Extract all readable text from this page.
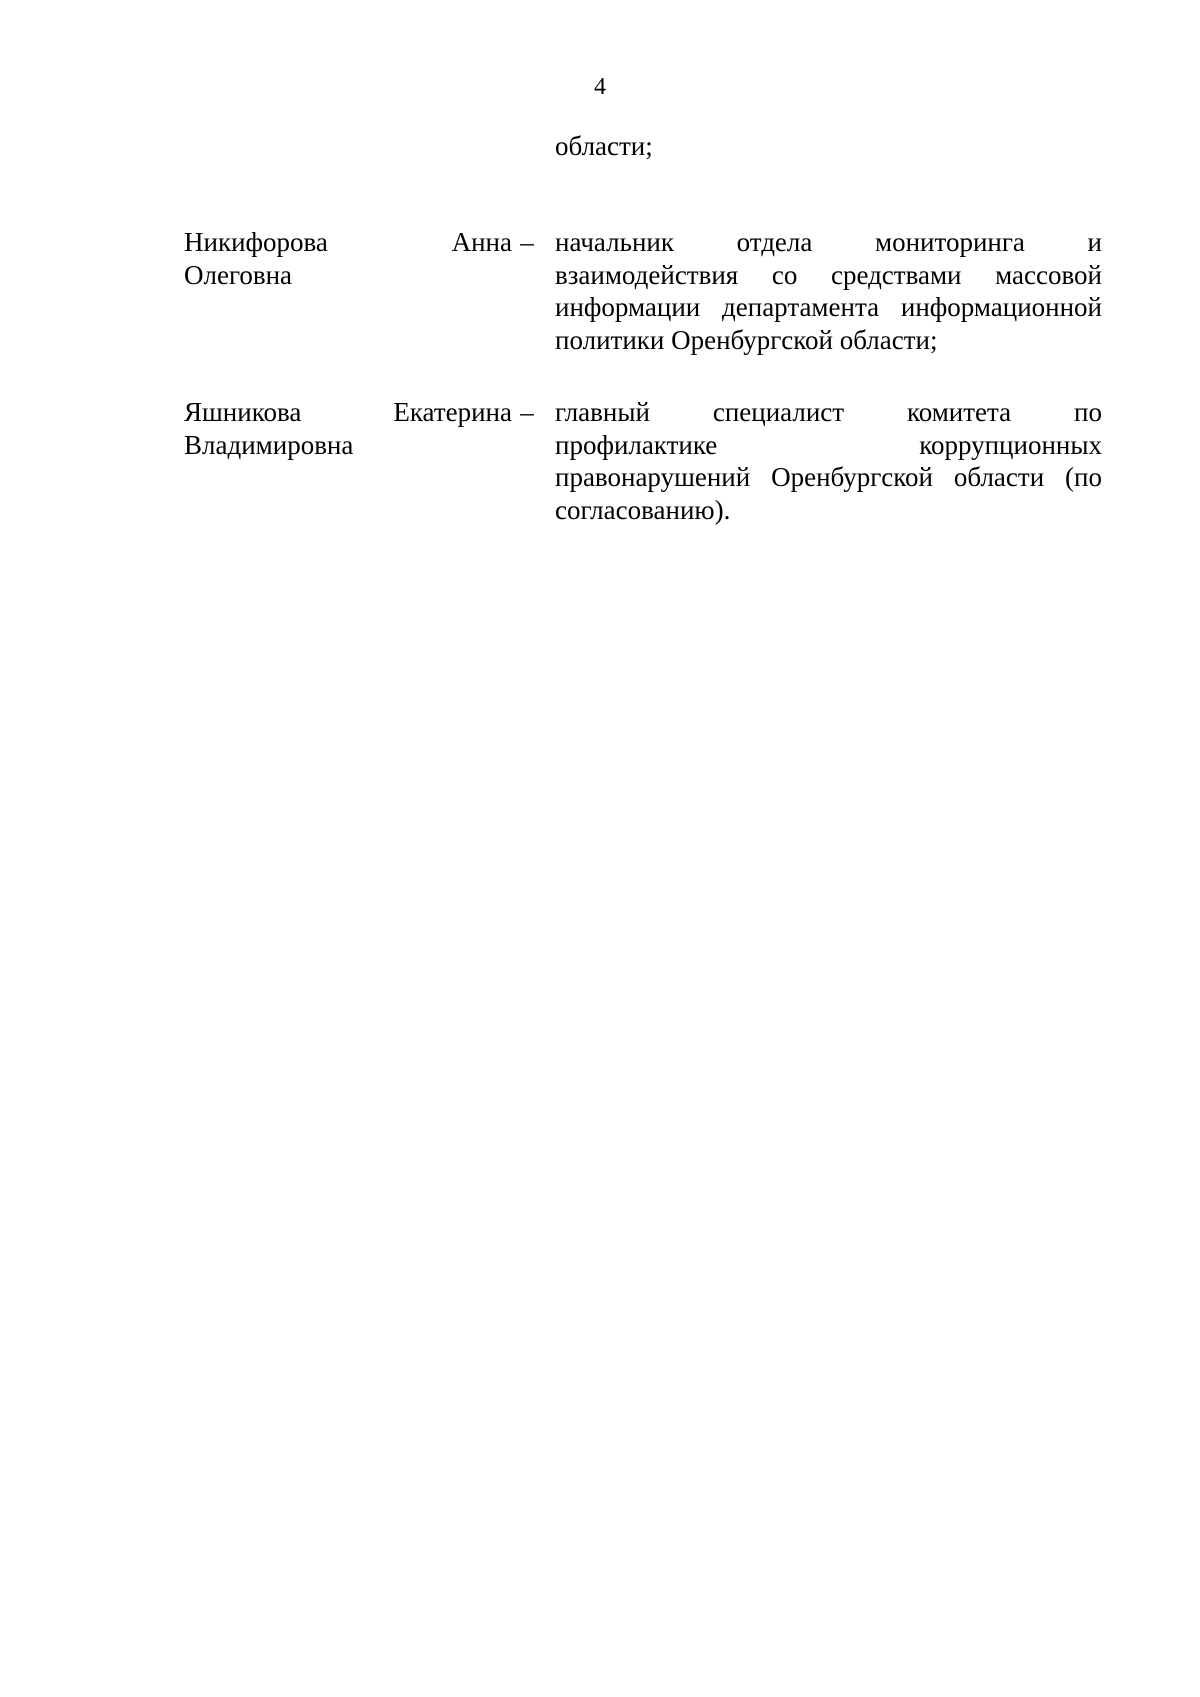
4
области;
Никифорова Анна
Олеговна
– начальник отдела мониторинга и взаимодействия со средствами массовой информации департамента информационной политики Оренбургской области;
Яшникова Екатерина
Владимировна
– главный специалист комитета по профилактике коррупционных правонарушений Оренбургской области (по согласованию).
